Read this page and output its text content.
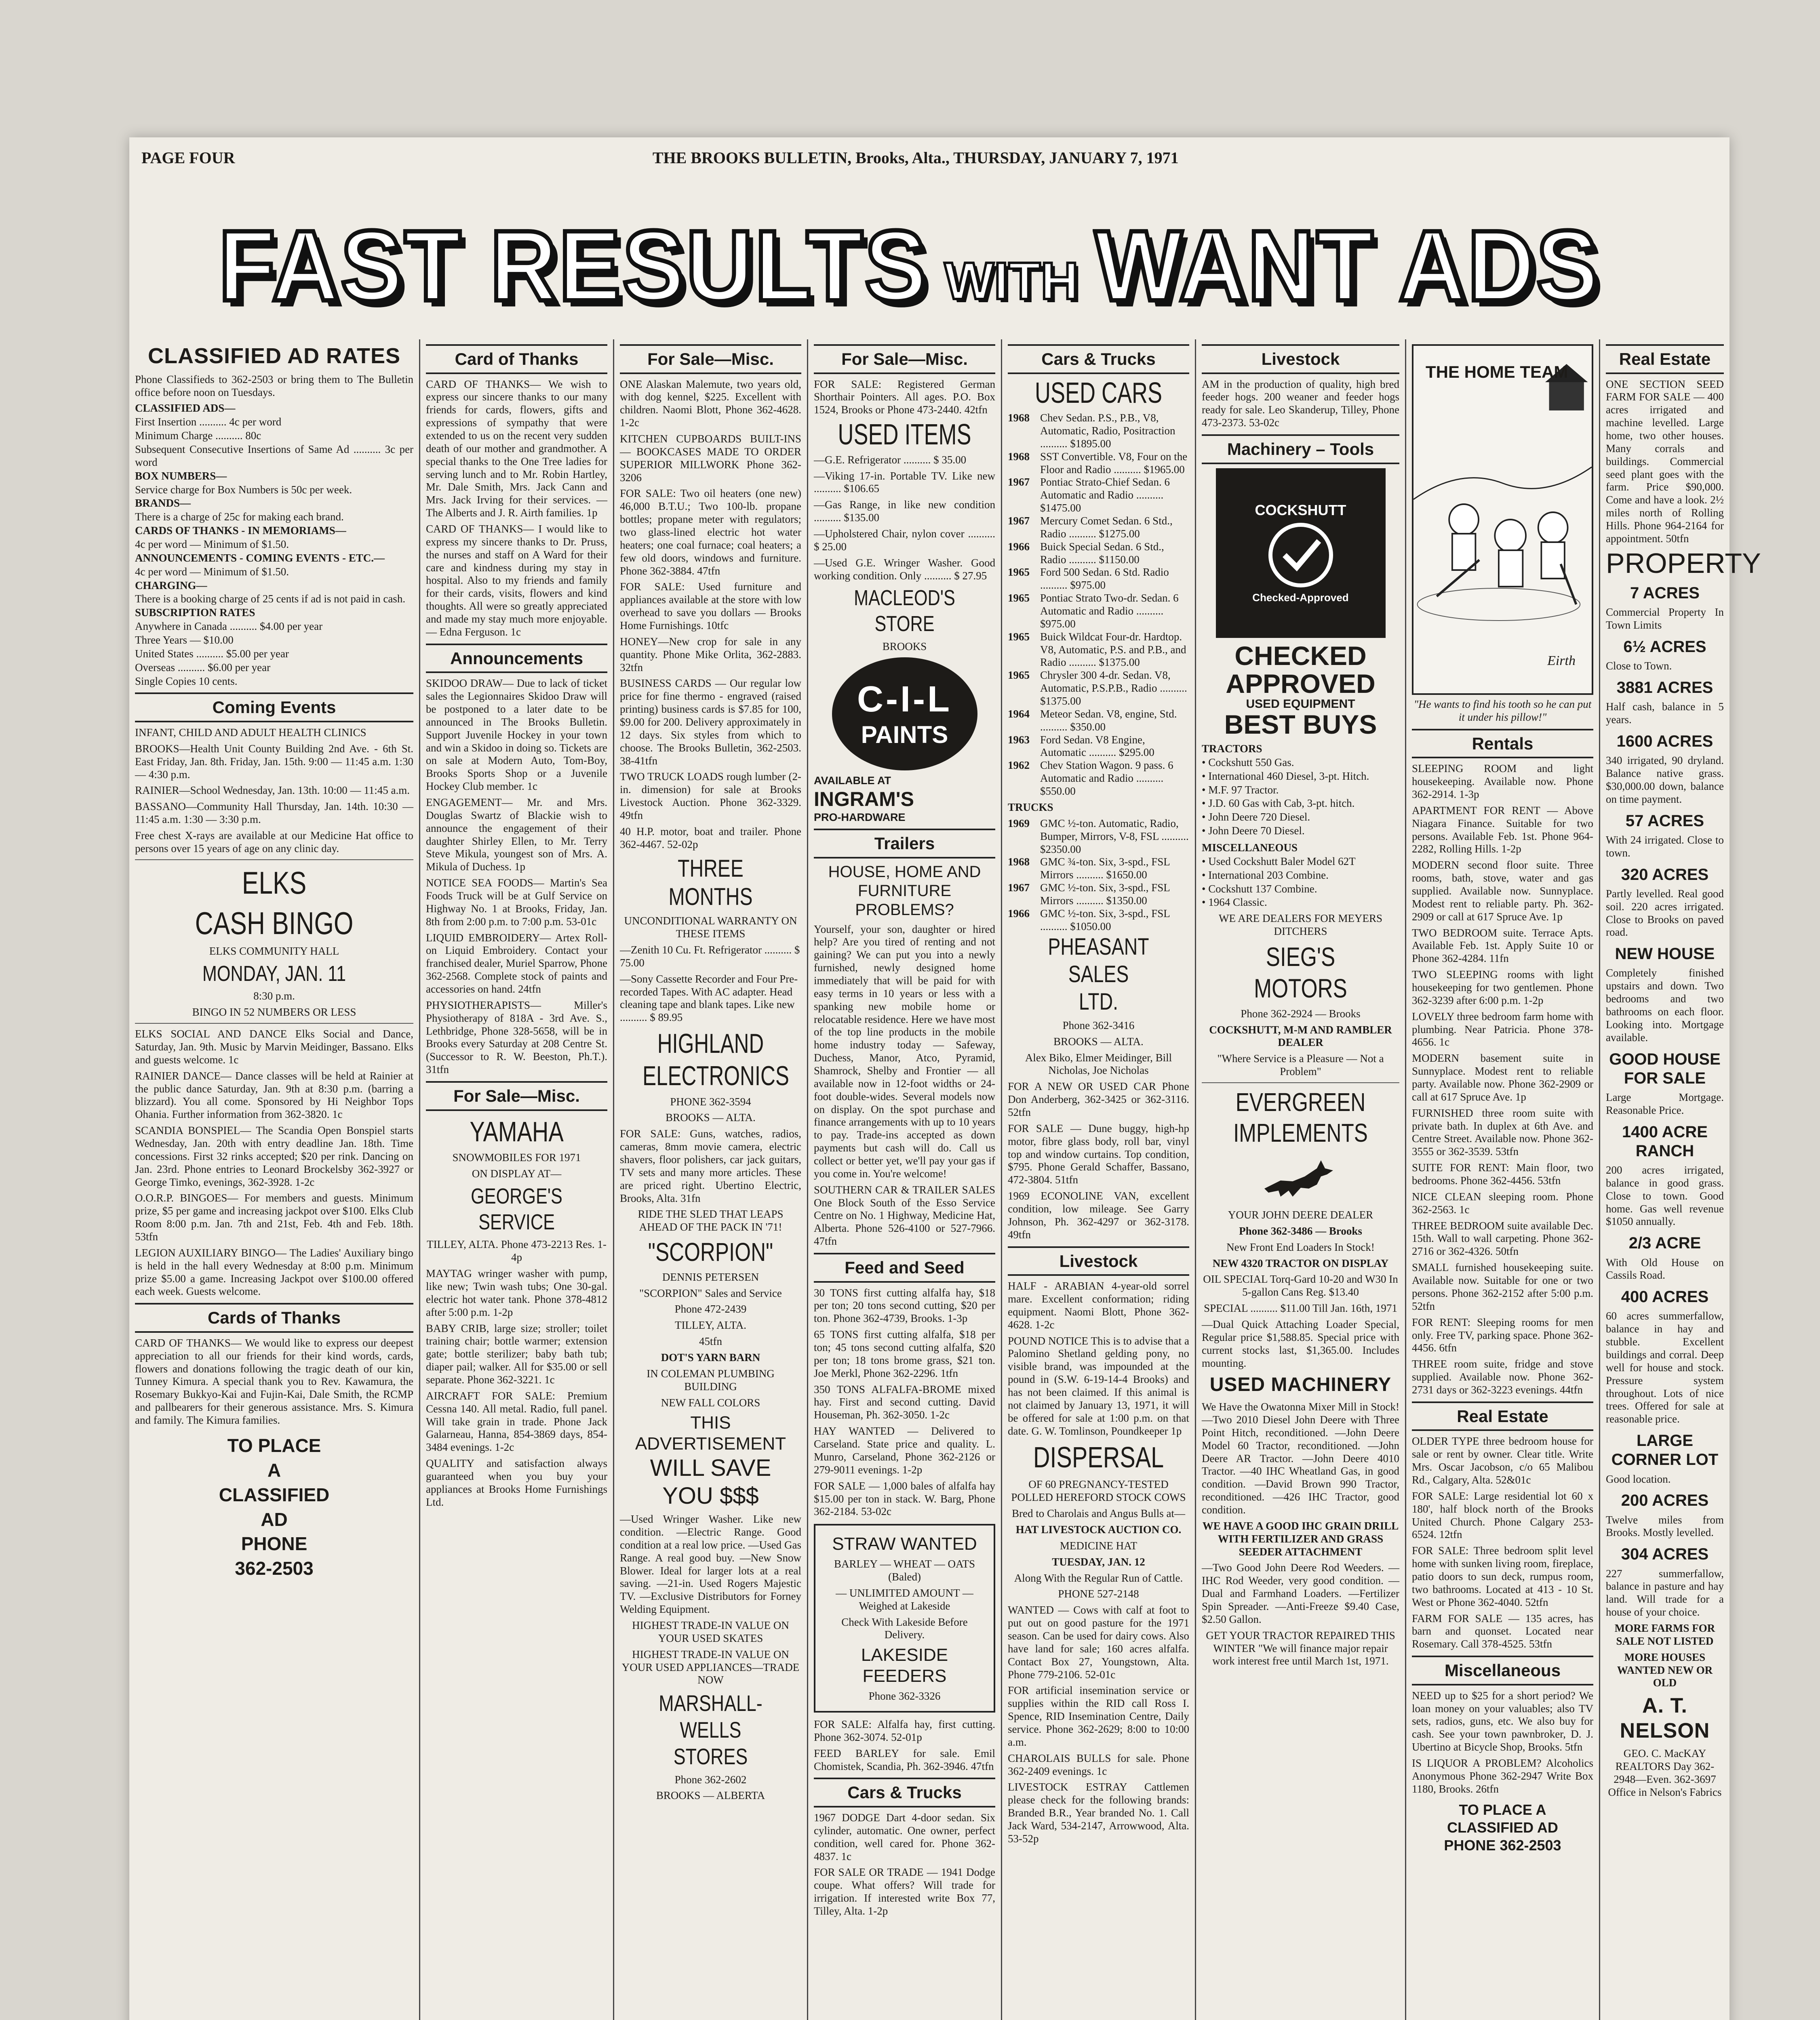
PAGE FOUR	THE BROOKS BULLETIN, Brooks, Alta., THURSDAY, JANUARY 7, 1971
FAST RESULTS WITH WANT ADS
CLASSIFIED AD RATES
Phone Classifieds to 362-2503 or bring them to The Bulletin office before noon on Tuesdays.
CLASSIFIED ADS—
First Insertion .......... 4c per word
Minimum Charge .......... 80c
Subsequent Consecutive Insertions of Same Ad .......... 3c per word
BOX NUMBERS—
Service charge for Box Numbers is 50c per week.
BRANDS—
There is a charge of 25c for making each brand.
CARDS OF THANKS - IN MEMORIAMS—
4c per word — Minimum of $1.50.
ANNOUNCEMENTS - COMING EVENTS - ETC.—
4c per word — Minimum of $1.50.
CHARGING—
There is a booking charge of 25 cents if ad is not paid in cash.
SUBSCRIPTION RATES
Anywhere in Canada .......... $4.00 per year
Three Years — $10.00
United States .......... $5.00 per year
Overseas .......... $6.00 per year
Single Copies 10 cents.
Coming Events
INFANT, CHILD AND ADULT HEALTH CLINICS
BROOKS—Health Unit County Building 2nd Ave. - 6th St. East Friday, Jan. 8th. Friday, Jan. 15th. 9:00 — 11:45 a.m. 1:30 — 4:30 p.m.
RAINIER—School Wednesday, Jan. 13th. 10:00 — 11:45 a.m.
BASSANO—Community Hall Thursday, Jan. 14th. 10:30 — 11:45 a.m. 1:30 — 3:30 p.m.
Free chest X-rays are available at our Medicine Hat office to persons over 15 years of age on any clinic day.
ELKS
CASH BINGO
ELKS COMMUNITY HALL
MONDAY, JAN. 11
8:30 p.m.
BINGO IN 52 NUMBERS OR LESS
ELKS SOCIAL AND DANCE Elks Social and Dance, Saturday, Jan. 9th. Music by Marvin Meidinger, Bassano. Elks and guests welcome. 1c
RAINIER DANCE— Dance classes will be held at Rainier at the public dance Saturday, Jan. 9th at 8:30 p.m. (barring a blizzard). You all come. Sponsored by Hi Neighbor Tops Ohania. Further information from 362-3820. 1c
SCANDIA BONSPIEL— The Scandia Open Bonspiel starts Wednesday, Jan. 20th with entry deadline Jan. 18th. Time concessions. First 32 rinks accepted; $20 per rink. Dancing on Jan. 23rd. Phone entries to Leonard Brockelsby 362-3927 or George Timko, evenings, 362-3928. 1-2c
O.O.R.P. BINGOES— For members and guests. Minimum prize, $5 per game and increasing jackpot over $100. Elks Club Room 8:00 p.m. Jan. 7th and 21st, Feb. 4th and Feb. 18th. 53tfn
LEGION AUXILIARY BINGO— The Ladies' Auxiliary bingo is held in the hall every Wednesday at 8:00 p.m. Minimum prize $5.00 a game. Increasing Jackpot over $100.00 offered each week. Guests welcome.
Cards of Thanks
CARD OF THANKS— We would like to express our deepest appreciation to all our friends for their kind words, cards, flowers and donations following the tragic death of our kin, Tunney Kimura. A special thank you to Rev. Kawamura, the Rosemary Bukkyo-Kai and Fujin-Kai, Dale Smith, the RCMP and pallbearers for their generous assistance. Mrs. S. Kimura and family. The Kimura families.
TO PLACE
A
CLASSIFIED
AD
PHONE
362-2503
Card of Thanks
CARD OF THANKS— We wish to express our sincere thanks to our many friends for cards, flowers, gifts and expressions of sympathy that were extended to us on the recent very sudden death of our mother and grandmother. A special thanks to the One Tree ladies for serving lunch and to Mr. Robin Hartley, Mr. Dale Smith, Mrs. Jack Cann and Mrs. Jack Irving for their services. — The Alberts and J. R. Airth families. 1p
CARD OF THANKS— I would like to express my sincere thanks to Dr. Pruss, the nurses and staff on A Ward for their care and kindness during my stay in hospital. Also to my friends and family for their cards, visits, flowers and kind thoughts. All were so greatly appreciated and made my stay much more enjoyable. — Edna Ferguson. 1c
Announcements
SKIDOO DRAW— Due to lack of ticket sales the Legionnaires Skidoo Draw will be postponed to a later date to be announced in The Brooks Bulletin. Support Juvenile Hockey in your town and win a Skidoo in doing so. Tickets are on sale at Modern Auto, Tom-Boy, Brooks Sports Shop or a Juvenile Hockey Club member. 1c
ENGAGEMENT— Mr. and Mrs. Douglas Swartz of Blackie wish to announce the engagement of their daughter Shirley Ellen, to Mr. Terry Steve Mikula, youngest son of Mrs. A. Mikula of Duchess. 1p
NOTICE SEA FOODS— Martin's Sea Foods Truck will be at Gulf Service on Highway No. 1 at Brooks, Friday, Jan. 8th from 2:00 p.m. to 7:00 p.m. 53-01c
LIQUID EMBROIDERY— Artex Roll-on Liquid Embroidery. Contact your franchised dealer, Muriel Sparrow, Phone 362-2568. Complete stock of paints and accessories on hand. 24tfn
PHYSIOTHERAPISTS— Miller's Physiotherapy of 818A - 3rd Ave. S., Lethbridge, Phone 328-5658, will be in Brooks every Saturday at 208 Centre St. (Successor to R. W. Beeston, Ph.T.). 31tfn
For Sale—Misc.
YAMAHA
SNOWMOBILES FOR 1971
ON DISPLAY AT—
GEORGE'S SERVICE
TILLEY, ALTA. Phone 473-2213 Res. 1-4p
MAYTAG wringer washer with pump, like new; Twin wash tubs; One 30-gal. electric hot water tank. Phone 378-4812 after 5:00 p.m. 1-2p
BABY CRIB, large size; stroller; toilet training chair; bottle warmer; extension gate; bottle sterilizer; baby bath tub; diaper pail; walker. All for $35.00 or sell separate. Phone 362-3221. 1c
AIRCRAFT FOR SALE: Premium Cessna 140. All metal. Radio, full panel. Will take grain in trade. Phone Jack Galarneau, Hanna, 854-3869 days, 854-3484 evenings. 1-2c
QUALITY and satisfaction always guaranteed when you buy your appliances at Brooks Home Furnishings Ltd.
For Sale—Misc.
ONE Alaskan Malemute, two years old, with dog kennel, $225. Excellent with children. Naomi Blott, Phone 362-4628. 1-2c
KITCHEN CUPBOARDS BUILT-INS — BOOKCASES MADE TO ORDER SUPERIOR MILLWORK Phone 362-3206
FOR SALE: Two oil heaters (one new) 46,000 B.T.U.; Two 100-lb. propane bottles; propane meter with regulators; two glass-lined electric hot water heaters; one coal furnace; coal heaters; a few old doors, windows and furniture. Phone 362-3884. 47tfn
FOR SALE: Used furniture and appliances available at the store with low overhead to save you dollars — Brooks Home Furnishings. 10tfc
HONEY—New crop for sale in any quantity. Phone Mike Orlita, 362-2883. 32tfn
BUSINESS CARDS — Our regular low price for fine thermo - engraved (raised printing) business cards is $7.85 for 100, $9.00 for 200. Delivery approximately in 12 days. Six styles from which to choose. The Brooks Bulletin, 362-2503. 38-41tfn
TWO TRUCK LOADS rough lumber (2-in. dimension) for sale at Brooks Livestock Auction. Phone 362-3329. 49tfn
40 H.P. motor, boat and trailer. Phone 362-4467. 52-02p
THREE MONTHS
UNCONDITIONAL WARRANTY ON THESE ITEMS
—Zenith 10 Cu. Ft. Refrigerator .......... $ 75.00
—Sony Cassette Recorder and Four Pre-recorded Tapes. With AC adapter. Head cleaning tape and blank tapes. Like new .......... $ 89.95
HIGHLAND
ELECTRONICS
PHONE 362-3594
BROOKS — ALTA.
FOR SALE: Guns, watches, radios, cameras, 8mm movie camera, electric shavers, floor polishers, car jack guitars, TV sets and many more articles. These are priced right. Ubertino Electric, Brooks, Alta. 31fn
RIDE THE SLED THAT LEAPS AHEAD OF THE PACK IN '71!
"SCORPION"
DENNIS PETERSEN
"SCORPION" Sales and Service
Phone 472-2439
TILLEY, ALTA.
45tfn
DOT'S YARN BARN
IN COLEMAN PLUMBING BUILDING
NEW FALL COLORS
THIS ADVERTISEMENT
WILL SAVE
YOU $$$
—Used Wringer Washer. Like new condition. —Electric Range. Good condition at a real low price. —Used Gas Range. A real good buy. —New Snow Blower. Ideal for larger lots at a real saving. —21-in. Used Rogers Majestic TV. —Exclusive Distributors for Forney Welding Equipment.
HIGHEST TRADE-IN VALUE ON YOUR USED SKATES
HIGHEST TRADE-IN VALUE ON YOUR USED APPLIANCES—TRADE NOW
MARSHALL-WELLS
STORES
Phone 362-2602
BROOKS — ALBERTA
For Sale—Misc.
FOR SALE: Registered German Shorthair Pointers. All ages. P.O. Box 1524, Brooks or Phone 473-2440. 42tfn
USED ITEMS
—G.E. Refrigerator .......... $ 35.00
—Viking 17-in. Portable TV. Like new .......... $106.65
—Gas Range, in like new condition .......... $135.00
—Upholstered Chair, nylon cover .......... $ 25.00
—Used G.E. Wringer Washer. Good working condition. Only .......... $ 27.95
MACLEOD'S STORE
BROOKS
C-I-L
PAINTS
AVAILABLE AT
INGRAM'S
PRO-HARDWARE
Trailers
HOUSE, HOME AND FURNITURE PROBLEMS?
Yourself, your son, daughter or hired help? Are you tired of renting and not gaining? We can put you into a newly furnished, newly designed home immediately that will be paid for with easy terms in 10 years or less with a spanking new mobile home or relocatable residence. Here we have most of the top line products in the mobile home industry today — Safeway, Duchess, Manor, Atco, Pyramid, Shamrock, Shelby and Frontier — all available now in 12-foot widths or 24-foot double-wides. Several models now on display. On the spot purchase and finance arrangements with up to 10 years to pay. Trade-ins accepted as down payments but cash will do. Call us collect or better yet, we'll pay your gas if you come in. You're welcome!
SOUTHERN CAR & TRAILER SALES One Block South of the Esso Service Centre on No. 1 Highway, Medicine Hat, Alberta. Phone 526-4100 or 527-7966. 47tfn
Feed and Seed
30 TONS first cutting alfalfa hay, $18 per ton; 20 tons second cutting, $20 per ton. Phone 362-4739, Brooks. 1-3p
65 TONS first cutting alfalfa, $18 per ton; 45 tons second cutting alfalfa, $20 per ton; 18 tons brome grass, $21 ton. Joe Merkl, Phone 362-2296. 1tfn
350 TONS ALFALFA-BROME mixed hay. First and second cutting. David Houseman, Ph. 362-3050. 1-2c
HAY WANTED — Delivered to Carseland. State price and quality. L. Munro, Carseland, Phone 362-2126 or 279-9011 evenings. 1-2p
FOR SALE — 1,000 bales of alfalfa hay $15.00 per ton in stack. W. Barg, Phone 362-2184. 53-02c
STRAW WANTED
BARLEY — WHEAT — OATS (Baled)
— UNLIMITED AMOUNT — Weighed at Lakeside
Check With Lakeside Before Delivery.
LAKESIDE FEEDERS
Phone 362-3326
FOR SALE: Alfalfa hay, first cutting. Phone 362-3074. 52-01p
FEED BARLEY for sale. Emil Chomistek, Scandia, Ph. 362-3946. 47tfn
Cars & Trucks
1967 DODGE Dart 4-door sedan. Six cylinder, automatic. One owner, perfect condition, well cared for. Phone 362-4837. 1c
FOR SALE OR TRADE — 1941 Dodge coupe. What offers? Will trade for irrigation. If interested write Box 77, Tilley, Alta. 1-2p
Cars & Trucks
USED CARS
1968 Chev Sedan. P.S., P.B., V8, Automatic, Radio, Positraction .......... $1895.00
1968 SST Convertible. V8, Four on the Floor and Radio .......... $1965.00
1967 Pontiac Strato-Chief Sedan. 6 Automatic and Radio .......... $1475.00
1967 Mercury Comet Sedan. 6 Std., Radio .......... $1275.00
1966 Buick Special Sedan. 6 Std., Radio .......... $1150.00
1965 Ford 500 Sedan. 6 Std. Radio .......... $975.00
1965 Pontiac Strato Two-dr. Sedan. 6 Automatic and Radio .......... $975.00
1965 Buick Wildcat Four-dr. Hardtop. V8, Automatic, P.S. and P.B., and Radio .......... $1375.00
1965 Chrysler 300 4-dr. Sedan. V8, Automatic, P.S.P.B., Radio .......... $1375.00
1964 Meteor Sedan. V8, engine, Std. .......... $350.00
1963 Ford Sedan. V8 Engine, Automatic .......... $295.00
1962 Chev Station Wagon. 9 pass. 6 Automatic and Radio .......... $550.00
TRUCKS
1969 GMC ½-ton. Automatic, Radio, Bumper, Mirrors, V-8, FSL .......... $2350.00
1968 GMC ¾-ton. Six, 3-spd., FSL Mirrors .......... $1650.00
1967 GMC ½-ton. Six, 3-spd., FSL Mirrors .......... $1350.00
1966 GMC ½-ton. Six, 3-spd., FSL .......... $1050.00
PHEASANT SALES
LTD.
Phone 362-3416
BROOKS — ALTA.
Alex Biko, Elmer Meidinger, Bill Nicholas, Joe Nicholas
FOR A NEW OR USED CAR Phone Don Anderberg, 362-3425 or 362-3116. 52tfn
FOR SALE — Dune buggy, high-hp motor, fibre glass body, roll bar, vinyl top and window curtains. Top condition, $795. Phone Gerald Schaffer, Bassano, 472-3804. 51tfn
1969 ECONOLINE VAN, excellent condition, low mileage. See Garry Johnson, Ph. 362-4297 or 362-3178. 49tfn
Livestock
HALF - ARABIAN 4-year-old sorrel mare. Excellent conformation; riding equipment. Naomi Blott, Phone 362-4628. 1-2c
POUND NOTICE This is to advise that a Palomino Shetland gelding pony, no visible brand, was impounded at the pound in (S.W. 6-19-14-4 Brooks) and has not been claimed. If this animal is not claimed by January 13, 1971, it will be offered for sale at 1:00 p.m. on that date. G. W. Tomlinson, Poundkeeper 1p
DISPERSAL
OF 60 PREGNANCY-TESTED POLLED HEREFORD STOCK COWS
Bred to Charolais and Angus Bulls at—
HAT LIVESTOCK AUCTION CO.
MEDICINE HAT
TUESDAY, JAN. 12
Along With the Regular Run of Cattle.
PHONE 527-2148
WANTED — Cows with calf at foot to put out on good pasture for the 1971 season. Can be used for dairy cows. Also have land for sale; 160 acres alfalfa. Contact Box 27, Youngstown, Alta. Phone 779-2106. 52-01c
FOR artificial insemination service or supplies within the RID call Ross I. Spence, RID Insemination Centre, Daily service. Phone 362-2629; 8:00 to 10:00 a.m.
CHAROLAIS BULLS for sale. Phone 362-2409 evenings. 1c
LIVESTOCK ESTRAY Cattlemen please check for the following brands: Branded B.R., Year branded No. 1. Call Jack Ward, 534-2147, Arrowwood, Alta. 53-52p
Livestock
AM in the production of quality, high bred feeder hogs. 200 weaner and feeder hogs ready for sale. Leo Skanderup, Tilley, Phone 473-2373. 53-02c
Machinery – Tools
COCKSHUTT
Checked-Approved
CHECKED
APPROVED
USED EQUIPMENT
BEST BUYS
TRACTORS
• Cockshutt 550 Gas.
• International 460 Diesel, 3-pt. Hitch.
• M.F. 97 Tractor.
• J.D. 60 Gas with Cab, 3-pt. hitch.
• John Deere 720 Diesel.
• John Deere 70 Diesel.
MISCELLANEOUS
• Used Cockshutt Baler Model 62T
• International 203 Combine.
• Cockshutt 137 Combine.
• 1964 Classic.
WE ARE DEALERS FOR MEYERS DITCHERS
SIEG'S MOTORS
Phone 362-2924 — Brooks
COCKSHUTT, M-M AND RAMBLER DEALER
"Where Service is a Pleasure — Not a Problem"
EVERGREEN
IMPLEMENTS
YOUR JOHN DEERE DEALER
Phone 362-3486 — Brooks
New Front End Loaders In Stock!
NEW 4320 TRACTOR ON DISPLAY
OIL SPECIAL Torq-Gard 10-20 and W30 In 5-gallon Cans Reg. $13.40
SPECIAL .......... $11.00 Till Jan. 16th, 1971
—Dual Quick Attaching Loader Special, Regular price $1,588.85. Special price with current stocks last, $1,365.00. Includes mounting.
USED MACHINERY
We Have the Owatonna Mixer Mill in Stock! —Two 2010 Diesel John Deere with Three Point Hitch, reconditioned. —John Deere Model 60 Tractor, reconditioned. —John Deere AR Tractor. —John Deere 4010 Tractor. —40 IHC Wheatland Gas, in good condition. —David Brown 990 Tractor, reconditioned. —426 IHC Tractor, good condition.
WE HAVE A GOOD IHC GRAIN DRILL WITH FERTILIZER AND GRASS SEEDER ATTACHMENT
—Two Good John Deere Rod Weeders. —IHC Rod Weeder, very good condition. —Dual and Farmhand Loaders. —Fertilizer Spin Spreader. —Anti-Freeze $9.40 Case, $2.50 Gallon.
GET YOUR TRACTOR REPAIRED THIS WINTER "We will finance major repair work interest free until March 1st, 1971.
THE HOME TEAM
Eirth
"He wants to find his tooth so he can put it under his pillow!"
Rentals
SLEEPING ROOM and light housekeeping. Available now. Phone 362-2914. 1-3p
APARTMENT FOR RENT — Above Niagara Finance. Suitable for two persons. Available Feb. 1st. Phone 964-2282, Rolling Hills. 1-2p
MODERN second floor suite. Three rooms, bath, stove, water and gas supplied. Available now. Sunnyplace. Modest rent to reliable party. Ph. 362-2909 or call at 617 Spruce Ave. 1p
TWO BEDROOM suite. Terrace Apts. Available Feb. 1st. Apply Suite 10 or Phone 362-4284. 11fn
TWO SLEEPING rooms with light housekeeping for two gentlemen. Phone 362-3239 after 6:00 p.m. 1-2p
LOVELY three bedroom farm home with plumbing. Near Patricia. Phone 378-4656. 1c
MODERN basement suite in Sunnyplace. Modest rent to reliable party. Available now. Phone 362-2909 or call at 617 Spruce Ave. 1p
FURNISHED three room suite with private bath. In duplex at 6th Ave. and Centre Street. Available now. Phone 362-3555 or 362-3539. 53tfn
SUITE FOR RENT: Main floor, two bedrooms. Phone 362-4456. 53tfn
NICE CLEAN sleeping room. Phone 362-2563. 1c
THREE BEDROOM suite available Dec. 15th. Wall to wall carpeting. Phone 362-2716 or 362-4326. 50tfn
SMALL furnished housekeeping suite. Available now. Suitable for one or two persons. Phone 362-2152 after 5:00 p.m. 52tfn
FOR RENT: Sleeping rooms for men only. Free TV, parking space. Phone 362-4456. 6tfn
THREE room suite, fridge and stove supplied. Available now. Phone 362-2731 days or 362-3223 evenings. 44tfn
Real Estate
OLDER TYPE three bedroom house for sale or rent by owner. Clear title. Write Mrs. Oscar Jacobson, c/o 65 Malibou Rd., Calgary, Alta. 52&01c
FOR SALE: Large residential lot 60 x 180', half block north of the Brooks United Church. Phone Calgary 253-6524. 12tfn
FOR SALE: Three bedroom split level home with sunken living room, fireplace, patio doors to sun deck, rumpus room, two bathrooms. Located at 413 - 10 St. West or Phone 362-4040. 52tfn
FARM FOR SALE — 135 acres, has barn and quonset. Located near Rosemary. Call 378-4525. 53tfn
Miscellaneous
NEED up to $25 for a short period? We loan money on your valuables; also TV sets, radios, guns, etc. We also buy for cash. See your town pawnbroker, D. J. Ubertino at Bicycle Shop, Brooks. 5tfn
IS LIQUOR A PROBLEM? Alcoholics Anonymous Phone 362-2947 Write Box 1180, Brooks. 26tfn
TO PLACE A
CLASSIFIED AD
PHONE 362-2503
Real Estate
ONE SECTION SEED FARM FOR SALE — 400 acres irrigated and machine levelled. Large home, two other houses. Many corrals and buildings. Commercial seed plant goes with the farm. Price $90,000. Come and have a look. 2½ miles north of Rolling Hills. Phone 964-2164 for appointment. 50tfn
PROPERTY
7 ACRES
Commercial Property In Town Limits
6½ ACRES
Close to Town.
3881 ACRES
Half cash, balance in 5 years.
1600 ACRES
340 irrigated, 90 dryland. Balance native grass. $30,000.00 down, balance on time payment.
57 ACRES
With 24 irrigated. Close to town.
320 ACRES
Partly levelled. Real good soil. 220 acres irrigated. Close to Brooks on paved road.
NEW HOUSE
Completely finished upstairs and down. Two bedrooms and two bathrooms on each floor. Looking into. Mortgage available.
GOOD HOUSE FOR SALE
Large Mortgage. Reasonable Price.
1400 ACRE RANCH
200 acres irrigated, balance in good grass. Close to town. Good home. Gas well revenue $1050 annually.
2/3 ACRE
With Old House on Cassils Road.
400 ACRES
60 acres summerfallow, balance in hay and stubble. Excellent buildings and corral. Deep well for house and stock. Pressure system throughout. Lots of nice trees. Offered for sale at reasonable price.
LARGE CORNER LOT
Good location.
200 ACRES
Twelve miles from Brooks. Mostly levelled.
304 ACRES
227 summerfallow, balance in pasture and hay land. Will trade for a house of your choice.
MORE FARMS FOR SALE NOT LISTED
MORE HOUSES WANTED NEW OR OLD
A. T. NELSON
GEO. C. MacKAY REALTORS Day 362-2948—Even. 362-3697 Office in Nelson's Fabrics
